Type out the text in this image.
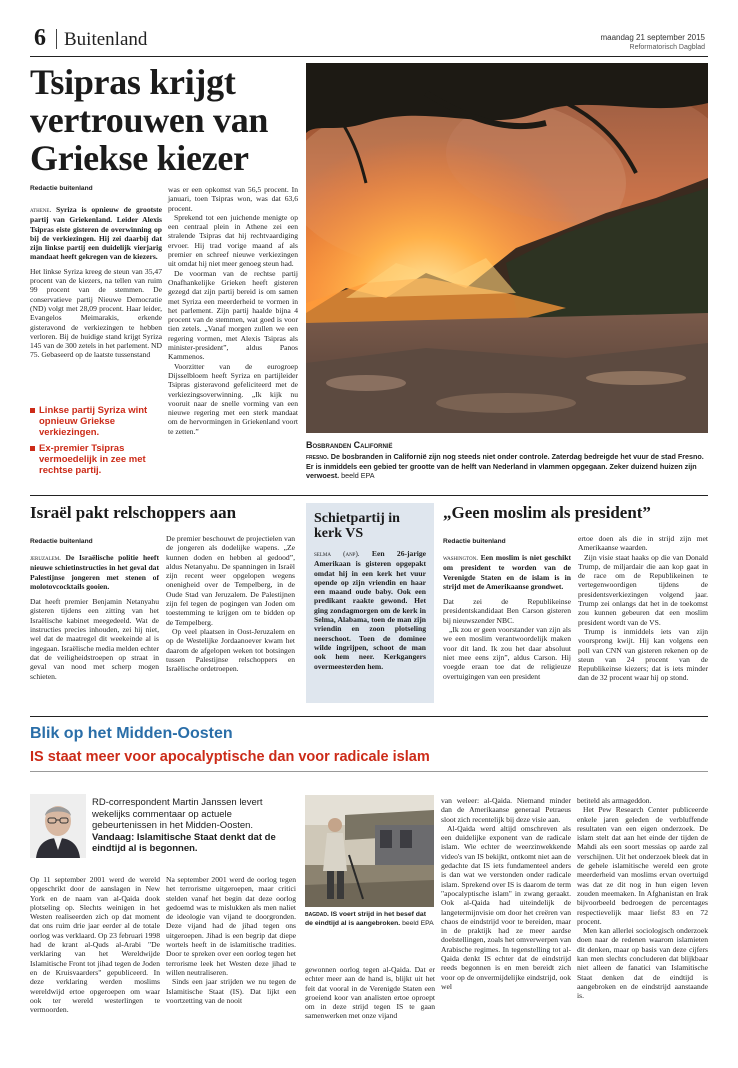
6 Buitenland	maandag 21 september 2015
Reformatorisch Dagblad
Tsipras krijgt vertrouwen van Griekse kiezer
Redactie buitenland

athene. Syriza is opnieuw de grootste partij van Griekenland. Leider Alexis Tsipras eiste gisteren de overwinning op bij de verkiezingen. Hij zei daarbij dat zijn linkse partij een duidelijk vierjarig mandaat heeft gekregen van de kiezers.

Het linkse Syriza kreeg de steun van 35,47 procent van de kiezers, na tellen van ruim 99 procent van de stemmen. De conservatieve partij Nieuwe Democratie (ND) volgt met 28,09 procent. Haar leider, Evangelos Meimarakis, erkende gisteravond de verkiezingen te hebben verloren. Bij de huidige stand krijgt Syriza 145 van de 300 zetels in het parlement. ND 75. Gebaseerd op de laatste tussenstand

Linkse partij Syriza wint opnieuw Griekse verkiezingen.
Ex-premier Tsipras vermoedelijk in zee met rechtse partij.

was er een opkomst van 56,5 procent. In januari, toen Tsipras won, was dat 63,6 procent.

Sprekend tot een juichende menigte op een centraal plein in Athene zei een stralende Tsipras dat hij rechtvaardiging ervoer. Hij trad vorige maand af als premier en schreef nieuwe verkiezingen uit omdat hij niet meer genoeg steun had.

De voorman van de rechtse partij Onafhankelijke Grieken heeft gisteren gezegd dat zijn partij bereid is om samen met Syriza een meerderheid te vormen in het parlement. Zijn partij haalde bijna 4 procent van de stemmen, wat goed is voor tien zetels. „Vanaf morgen zullen we een regering vormen, met Alexis Tsipras als minister-president”, aldus Panos Kammenos.

Voorzitter van de eurogroep Dijsselbloem heeft Syriza en partijleider Tsipras gisteravond gefeliciteerd met de verkiezingsoverwinning. „Ik kijk nu vooruit naar de snelle vorming van een nieuwe regering met een sterk mandaat om de hervormingen in Griekenland voort te zetten.”

Bosbranden Californië
fresno. De bosbranden in Californië zijn nog steeds niet onder controle. Zaterdag bedreigde het vuur de stad Fresno. Er is inmiddels een gebied ter grootte van de helft van Nederland in vlammen opgegaan. Zeker duizend huizen zijn verwoest. beeld EPA
Israël pakt relschoppers aan
Redactie buitenland

jeruzalem. De Israëlische politie heeft nieuwe schietinstructies in het geval dat Palestijnse jongeren met stenen of molotovcocktails gooien.

Dat heeft premier Benjamin Netanyahu gisteren tijdens een zitting van het Israëlische kabinet meegedeeld. Wat de instructies precies inhouden, zei hij niet, wel dat de maatregel dit weekeinde al is ingegaan. Israëlische media melden echter dat de veiligheidstroepen op straat in geval van nood met scherp mogen schieten.

De premier beschouwt de projectielen van de jongeren als dodelijke wapens. „Ze kunnen doden en hebben al gedood”, aldus Netanyahu. De spanningen in Israël zijn recent weer opgelopen wegens onenigheid over de Tempelberg, in de Oude Stad van Jeruzalem. De Palestijnen zijn fel tegen de pogingen van Joden om toestemming te krijgen om te bidden op de Tempelberg.

Op veel plaatsen in Oost-Jeruzalem en op de Westelijke Jordaanoever kwam het daarom de afgelopen weken tot botsingen tussen Palestijnse relschoppers en Israëlische ordetroepen.

Schietpartij in kerk VS
selma (anp). Een 26-jarige Amerikaan is gisteren opgepakt omdat hij in een kerk het vuur opende op zijn vriendin en haar een maand oude baby. Ook een predikant raakte gewond. Het ging zondagmorgen om de kerk in Selma, Alabama, toen de man zijn vriendin en zoon plotseling neerschoot. Toen de dominee wilde ingrijpen, schoot de man ook hem neer. Kerkgangers overmeesterden hem.
„Geen moslim als president”
Redactie buitenland

washington. Een moslim is niet geschikt om president te worden van de Verenigde Staten en de islam is in strijd met de Amerikaanse grondwet.

Dat zei de Republikeinse presidentskandidaat Ben Carson gisteren bij nieuwszender NBC.

„Ik zou er geen voorstander van zijn als we een moslim verantwoordelijk maken voor dit land. Ik zou het daar absoluut niet mee eens zijn”, aldus Carson. Hij voegde eraan toe dat de religieuze overtuigingen van een president

ertoe doen als die in strijd zijn met Amerikaanse waarden.

Zijn visie staat haaks op die van Donald Trump, de miljardair die aan kop gaat in de race om de Republikeinen te vertegenwoordigen tijdens de presidentsverkiezingen volgend jaar. Trump zei onlangs dat het in de toekomst zou kunnen gebeuren dat een moslim president wordt van de VS.

Trump is inmiddels iets van zijn voorsprong kwijt. Hij kan volgens een poll van CNN van gisteren rekenen op de steun van 24 procent van de Republikeinse kiezers; dat is iets minder dan de 32 procent waar hij op stond.

Blik op het Midden-Oosten
IS staat meer voor apocalyptische dan voor radicale islam
RD-correspondent Martin Janssen levert wekelijks commentaar op actuele gebeurtenissen in het Midden-Oosten. Vandaag: Islamitische Staat denkt dat de eindtijd al is begonnen.

Op 11 september 2001 werd de wereld opgeschrikt door de aanslagen in New York en de naam van al-Qaida dook plotseling op. Slechts weinigen in het Westen realiseerden zich op dat moment dat ons ruim drie jaar eerder al de totale oorlog was verklaard. Op 23 februari 1998 had de krant al-Quds al-Arabi "De verklaring van het Wereldwijde Islamitische Front tot jihad tegen de Joden en de Kruisvaarders" gepubliceerd. In deze verklaring werden moslims wereldwijd ertoe opgeroepen om waar ook ter wereld westerlingen te vermoorden.

Na september 2001 werd de oorlog tegen het terrorisme uitgeroepen, maar critici stelden vanaf het begin dat deze oorlog gedoemd was te mislukken als men naliet de ideologie van vijand te doorgronden. Deze vijand had de jihad tegen ons uitgeroepen. Jihad is een begrip dat diepe wortels heeft in de islamitische tradities. Door te spreken over een oorlog tegen het terrorisme leek het Westen deze jihad te willen neutraliseren.

Sinds een jaar strijden we nu tegen de Islamitische Staat (IS). Dat lijkt een voortzetting van de nooit

bagdad. IS voert strijd in het besef dat de eindtijd al is aangebroken. beeld EPA

gewonnen oorlog tegen al-Qaida. Dat er echter meer aan de hand is, blijkt uit het feit dat vooral in de Verenigde Staten een groeiend koor van analisten ertoe oproept om in deze strijd tegen IS te gaan samenwerken met onze vijand

van weleer: al-Qaida. Niemand minder dan de Amerikaanse generaal Petraeus sloot zich recentelijk bij deze visie aan.

Al-Qaida werd altijd omschreven als een duidelijke exponent van de radicale islam. Wie echter de weerzinwekkende video's van IS bekijkt, ontkomt niet aan de gedachte dat IS iets fundamenteel anders is dan wat we verstonden onder radicale islam. Sprekend over IS is daarom de term "apocalyptische islam" in zwang geraakt. Ook al-Qaida had uiteindelijk de langetermijnvisie om door het creëren van chaos de eindstrijd voor te bereiden, maar in de praktijk had ze meer aardse doelstellingen, zoals het omverwerpen van Arabische regimes. In tegenstelling tot al-Qaida denkt IS echter dat de eindstrijd reeds begonnen is en men bereidt zich voor op de onvermijdelijke eindstrijd, ook wel

betiteld als armageddon.

Het Pew Research Center publiceerde enkele jaren geleden de verbluffende resultaten van een eigen onderzoek. De islam stelt dat aan het einde der tijden de Mahdi als een soort messias op aarde zal verschijnen. Uit het onderzoek bleek dat in de gehele islamitische wereld een grote meerderheid van moslims ervan overtuigd was dat ze dit nog in hun eigen leven zouden meemaken. In Afghanistan en Irak bijvoorbeeld bedroegen de percentages respectievelijk maar liefst 83 en 72 procent.

Men kan allerlei sociologisch onderzoek doen naar de redenen waarom islamieten dit denken, maar op basis van deze cijfers kan men slechts concluderen dat blijkbaar niet alleen de fanatici van Islamitische Staat denken dat de eindtijd is aangebroken en de eindstrijd aanstaande is.
